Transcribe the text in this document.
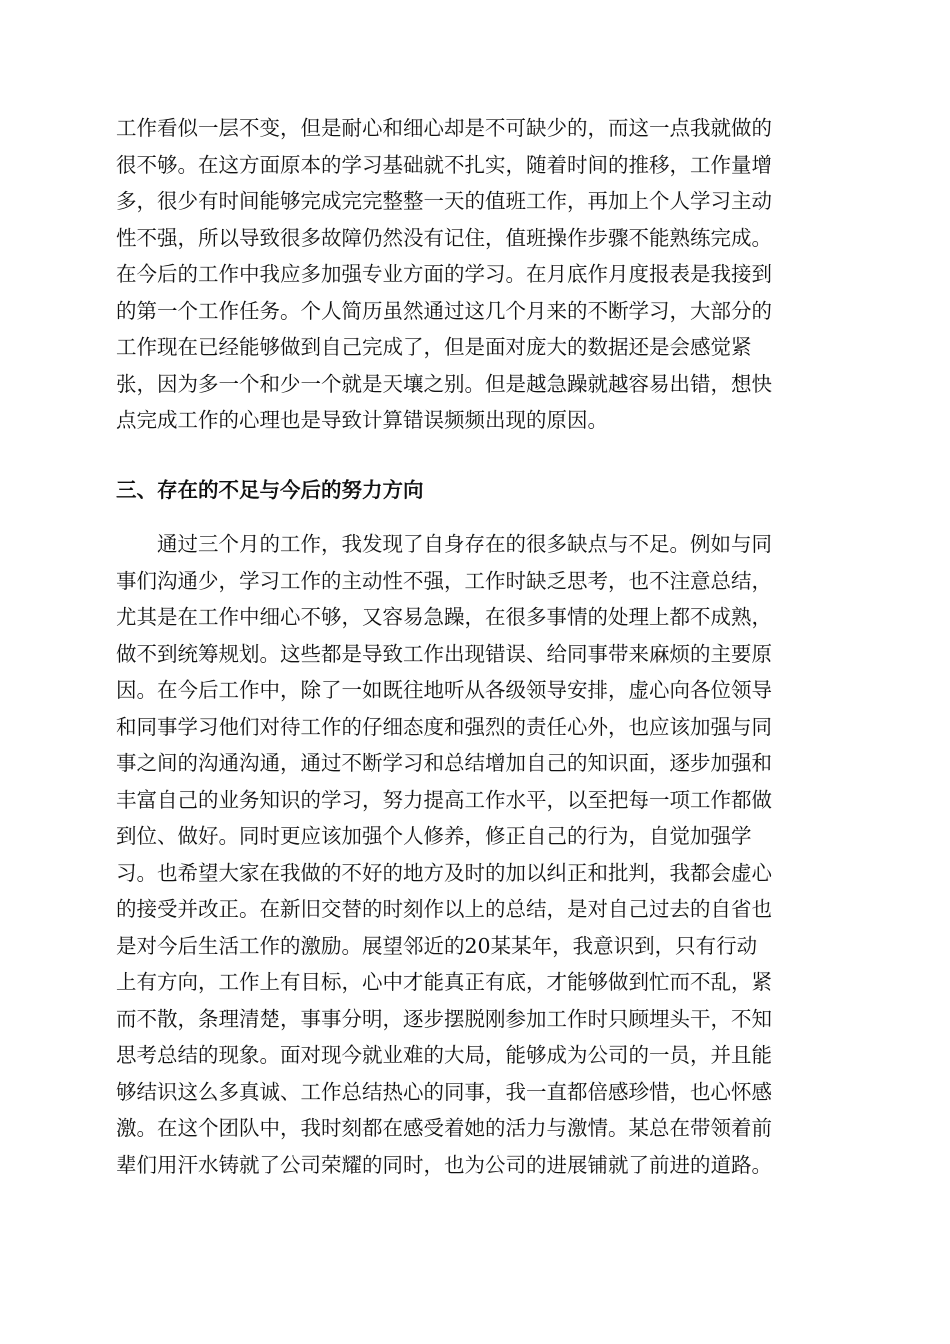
工作看似一层不变，但是耐心和细心却是不可缺少的，而这一点我就做的
很不够。在这方面原本的学习基础就不扎实，随着时间的推移，工作量增
多，很少有时间能够完成完完整整一天的值班工作，再加上个人学习主动
性不强，所以导致很多故障仍然没有记住，值班操作步骤不能熟练完成。
在今后的工作中我应多加强专业方面的学习。在月底作月度报表是我接到
的第一个工作任务。个人简历虽然通过这几个月来的不断学习，大部分的
工作现在已经能够做到自己完成了，但是面对庞大的数据还是会感觉紧
张，因为多一个和少一个就是天壤之别。但是越急躁就越容易出错，想快
点完成工作的心理也是导致计算错误频频出现的原因。
三、存在的不足与今后的努力方向
通过三个月的工作，我发现了自身存在的很多缺点与不足。例如与同
事们沟通少，学习工作的主动性不强，工作时缺乏思考，也不注意总结，
尤其是在工作中细心不够，又容易急躁，在很多事情的处理上都不成熟，
做不到统筹规划。这些都是导致工作出现错误、给同事带来麻烦的主要原
因。在今后工作中，除了一如既往地听从各级领导安排，虚心向各位领导
和同事学习他们对待工作的仔细态度和强烈的责任心外，也应该加强与同
事之间的沟通沟通，通过不断学习和总结增加自己的知识面，逐步加强和
丰富自己的业务知识的学习，努力提高工作水平，以至把每一项工作都做
到位、做好。同时更应该加强个人修养，修正自己的行为，自觉加强学
习。也希望大家在我做的不好的地方及时的加以纠正和批判，我都会虚心
的接受并改正。在新旧交替的时刻作以上的总结，是对自己过去的自省也
是对今后生活工作的激励。展望邻近的20某某年，我意识到，只有行动
上有方向，工作上有目标，心中才能真正有底，才能够做到忙而不乱，紧
而不散，条理清楚，事事分明，逐步摆脱刚参加工作时只顾埋头干，不知
思考总结的现象。面对现今就业难的大局，能够成为公司的一员，并且能
够结识这么多真诚、工作总结热心的同事，我一直都倍感珍惜，也心怀感
激。在这个团队中，我时刻都在感受着她的活力与激情。某总在带领着前
辈们用汗水铸就了公司荣耀的同时，也为公司的进展铺就了前进的道路。
